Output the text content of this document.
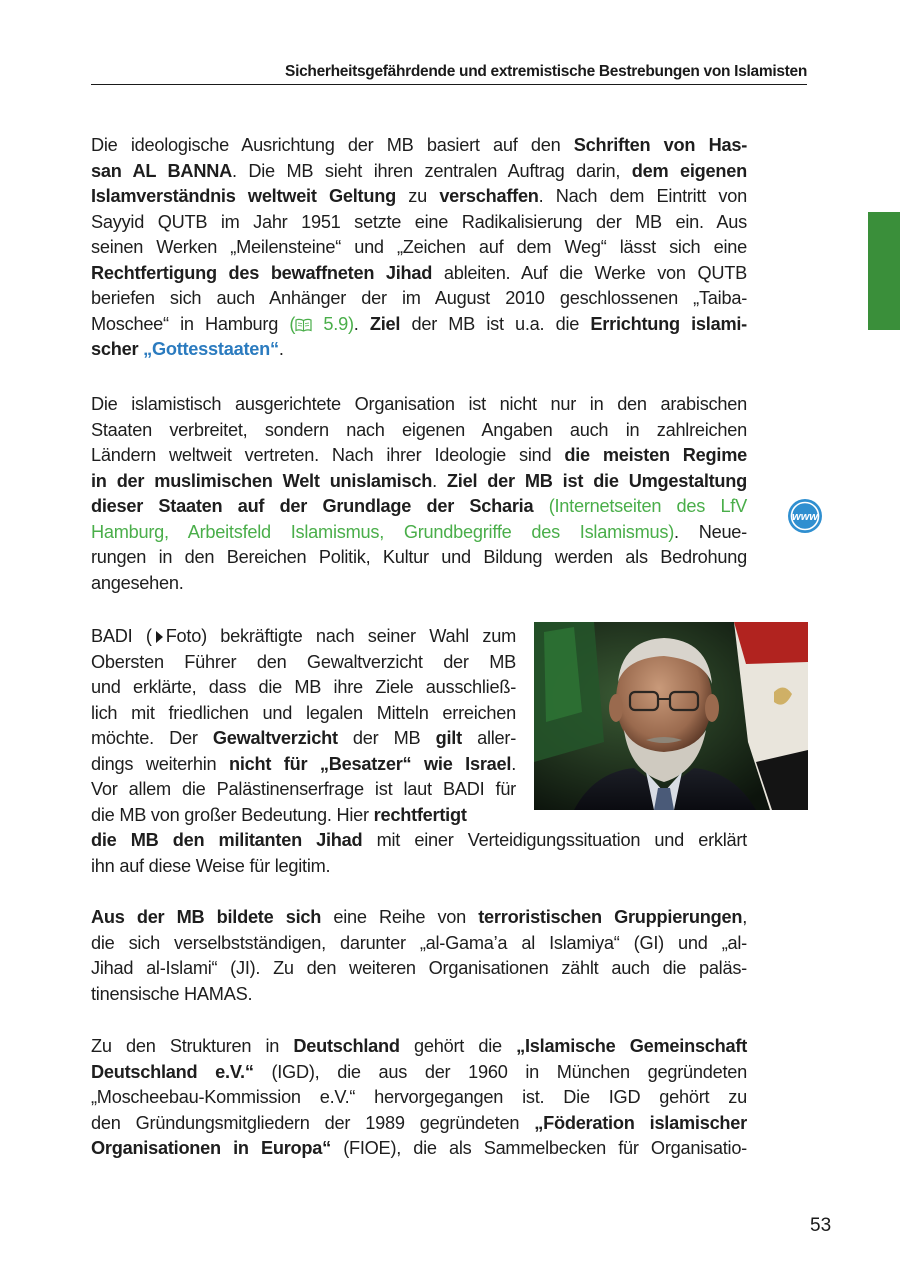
Sicherheitsgefährdende und extremistische Bestrebungen von Islamisten
www
Die ideologische Ausrichtung der MB basiert auf den Schriften von Has-
san AL BANNA. Die MB sieht ihren zentralen Auftrag darin, dem eigenen
Islamverständnis weltweit Geltung zu verschaffen. Nach dem Eintritt von
Sayyid QUTB im Jahr 1951 setzte eine Radikalisierung der MB ein. Aus
seinen Werken „Meilensteine“ und „Zeichen auf dem Weg“ lässt sich eine
Rechtfertigung des bewaffneten Jihad ableiten. Auf die Werke von QUTB
beriefen sich auch Anhänger der im August 2010 geschlossenen „Taiba-
Moschee“ in Hamburg ( 5.9). Ziel der MB ist u.a. die Errichtung islami-
scher „Gottesstaaten“.
Die islamistisch ausgerichtete Organisation ist nicht nur in den arabischen
Staaten verbreitet, sondern nach eigenen Angaben auch in zahlreichen
Ländern weltweit vertreten. Nach ihrer Ideologie sind die meisten Regime
in der muslimischen Welt unislamisch. Ziel der MB ist die Umgestaltung
dieser Staaten auf der Grundlage der Scharia (Internetseiten des LfV
Hamburg, Arbeitsfeld Islamismus, Grundbegriffe des Islamismus). Neue-
rungen in den Bereichen Politik, Kultur und Bildung werden als Bedrohung
angesehen.
BADI ( Foto) bekräftigte nach seiner Wahl zum
Obersten Führer den Gewaltverzicht der MB
und erklärte, dass die MB ihre Ziele ausschließ-
lich mit friedlichen und legalen Mitteln erreichen
möchte. Der Gewaltverzicht der MB gilt aller-
dings weiterhin nicht für „Besatzer“ wie Israel.
Vor allem die Palästinenserfrage ist laut BADI für
die MB von großer Bedeutung. Hier rechtfertigt
die MB den militanten Jihad mit einer Verteidigungssituation und erklärt
ihn auf diese Weise für legitim.
Aus der MB bildete sich eine Reihe von terroristischen Gruppierungen,
die sich verselbstständigen, darunter „al-Gama’a al Islamiya“ (GI) und „al-
Jihad al-Islami“ (JI). Zu den weiteren Organisationen zählt auch die paläs-
tinensische HAMAS.
Zu den Strukturen in Deutschland gehört die „Islamische Gemeinschaft
Deutschland e.V.“ (IGD), die aus der 1960 in München gegründeten
„Moscheebau-Kommission e.V.“ hervorgegangen ist. Die IGD gehört zu
den Gründungsmitgliedern der 1989 gegründeten „Föderation islamischer
Organisationen in Europa“ (FIOE), die als Sammelbecken für Organisatio-
53
